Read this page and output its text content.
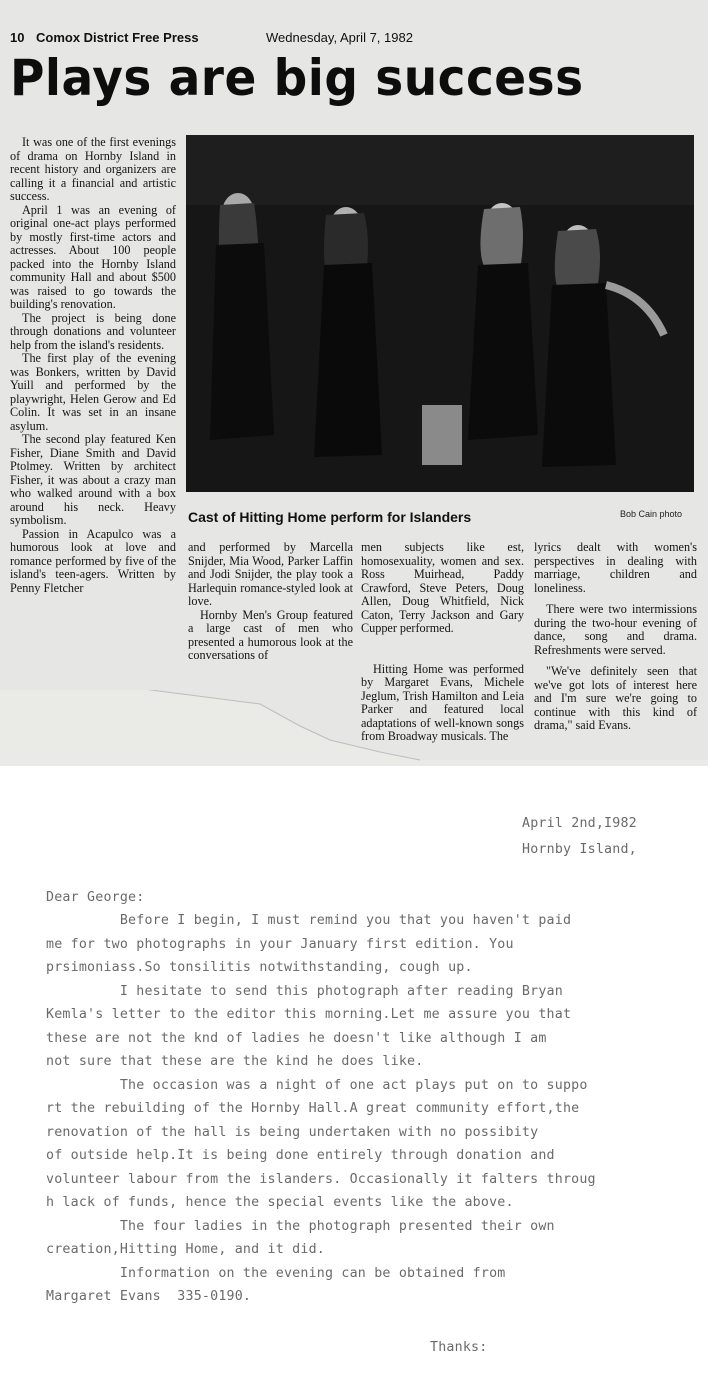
10 Comox District Free Press	Wednesday, April 7, 1982
Plays are big success

It was one of the first evenings of drama on Hornby Island in recent history and organizers are calling it a financial and artistic success.

April 1 was an evening of original one-act plays performed by mostly first-time actors and actresses. About 100 people packed into the Hornby Island community Hall and about $500 was raised to go towards the building's renovation.

The project is being done through donations and volunteer help from the island's residents.

The first play of the evening was Bonkers, written by David Yuill and performed by the playwright, Helen Gerow and Ed Colin. It was set in an insane asylum.

The second play featured Ken Fisher, Diane Smith and David Ptolmey. Written by architect Fisher, it was about a crazy man who walked around with a box around his neck. Heavy symbolism.

Passion in Acapulco was a humorous look at love and romance performed by five of the island's teen-agers. Written by Penny Fletcher

Cast of Hitting Home perform for Islanders	Bob Cain photo

and performed by Marcella Snijder, Mia Wood, Parker Laffin and Jodi Snijder, the play took a Harlequin romance-styled look at love.

Hornby Men's Group featured a large cast of men who presented a humorous look at the conversations of

men subjects like est, homosexuality, women and sex. Ross Muirhead, Paddy Crawford, Steve Peters, Doug Allen, Doug Whitfield, Nick Caton, Terry Jackson and Gary Cupper performed.

Hitting Home was performed by Margaret Evans, Michele Jeglum, Trish Hamilton and Leia Parker and featured local adaptations of well-known songs from Broadway musicals. The

lyrics dealt with women's perspectives in dealing with marriage, children and loneliness.

There were two intermissions during the two-hour evening of dance, song and drama. Refreshments were served.

"We've definitely seen that we've got lots of interest here and I'm sure we're going to continue with this kind of drama," said Evans.

April 2nd,I982
Hornby Island,
Dear George:
Before I begin, I must remind you that you haven't paid
me for two photographs in your January first edition. You
prsimoniass.So tonsilitis notwithstanding, cough up.
I hesitate to send this photograph after reading Bryan
Kemla's letter to the editor this morning.Let me assure you that
these are not the knd of ladies he doesn't like although I am
not sure that these are the kind he does like.
The occasion was a night of one act plays put on to suppo
rt the rebuilding of the Hornby Hall.A great community effort,the
renovation of the hall is being undertaken with no possibity
of outside help.It is being done entirely through donation and
volunteer labour from the islanders. Occasionally it falters throug
h lack of funds, hence the special events like the above.
The four ladies in the photograph presented their own
creation,Hitting Home, and it did.
Information on the evening can be obtained from
Margaret Evans  335-0190.
Thanks:
